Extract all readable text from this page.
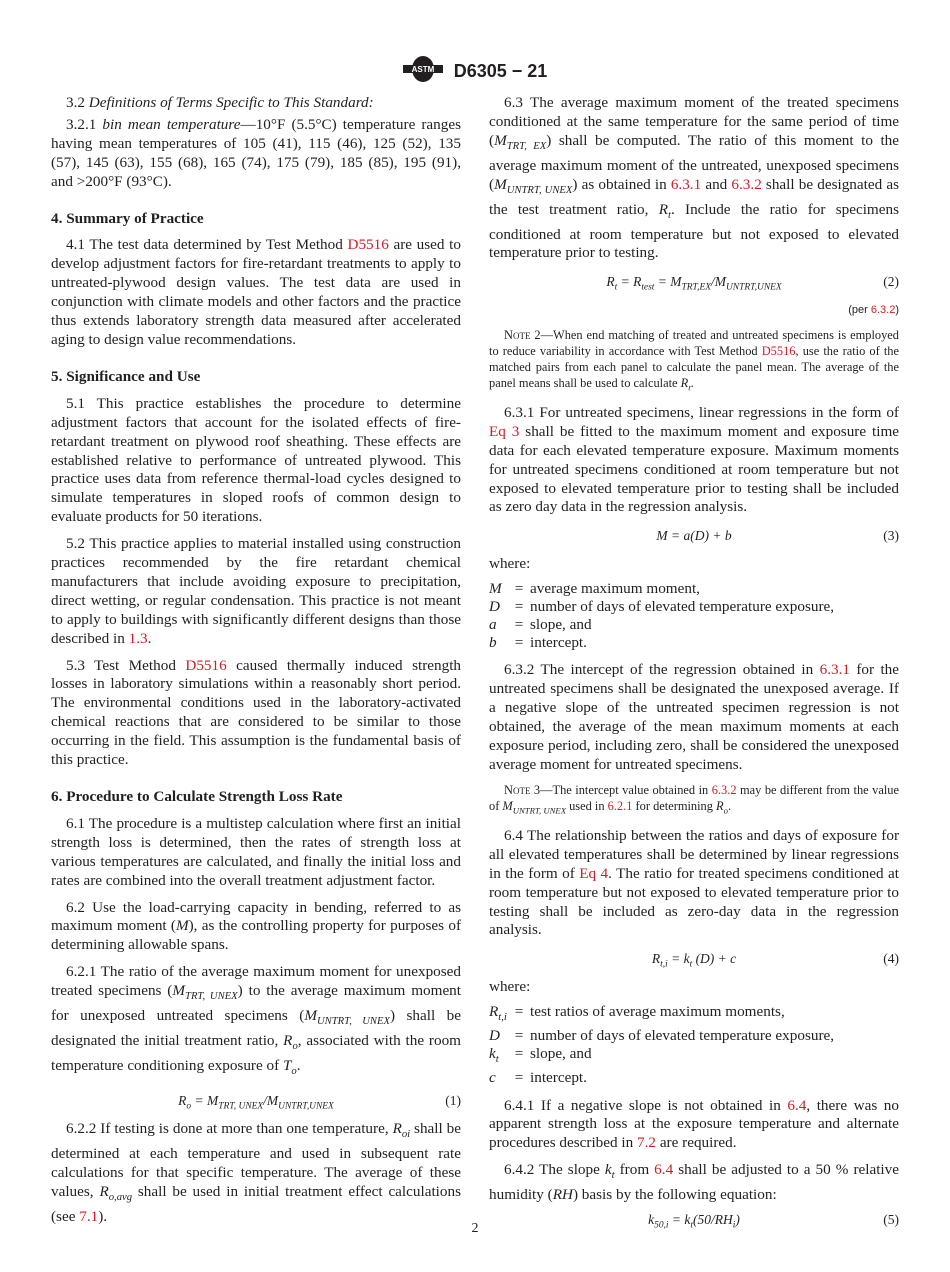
ASTM D6305 − 21

3.2 Definitions of Terms Specific to This Standard:

3.2.1 bin mean temperature—10°F (5.5°C) temperature ranges having mean temperatures of 105 (41), 115 (46), 125 (52), 135 (57), 145 (63), 155 (68), 165 (74), 175 (79), 185 (85), 195 (91), and >200°F (93°C).

4. Summary of Practice

4.1 The test data determined by Test Method D5516 are used to develop adjustment factors for fire-retardant treatments to apply to untreated-plywood design values. The test data are used in conjunction with climate models and other factors and the practice thus extends laboratory strength data measured after accelerated aging to design value recommendations.

5. Significance and Use

5.1 This practice establishes the procedure to determine adjustment factors that account for the isolated effects of fire-retardant treatment on plywood roof sheathing. These effects are established relative to performance of untreated plywood. This practice uses data from reference thermal-load cycles designed to simulate temperatures in sloped roofs of common design to evaluate products for 50 iterations.

5.2 This practice applies to material installed using construction practices recommended by the fire retardant chemical manufacturers that include avoiding exposure to precipitation, direct wetting, or regular condensation. This practice is not meant to apply to buildings with significantly different designs than those described in 1.3.

5.3 Test Method D5516 caused thermally induced strength losses in laboratory simulations within a reasonably short period. The environmental conditions used in the laboratory-activated chemical reactions that are considered to be similar to those occurring in the field. This assumption is the fundamental basis of this practice.

6. Procedure to Calculate Strength Loss Rate

6.1 The procedure is a multistep calculation where first an initial strength loss is determined, then the rates of strength loss at various temperatures are calculated, and finally the initial loss and rates are combined into the overall treatment adjustment factor.

6.2 Use the load-carrying capacity in bending, referred to as maximum moment (M), as the controlling property for purposes of determining allowable spans.

6.2.1 The ratio of the average maximum moment for unexposed treated specimens $(M_{TRT, UNEX})$ to the average maximum moment for unexposed untreated specimens $(M_{UNTRT, UNEX})$ shall be designated the initial treatment ratio, $R_o$, associated with the room temperature conditioning exposure of $T_o$.

$R_o = M_{TRT, UNEX}/M_{UNTRT,UNEX}$	(1)

6.2.2 If testing is done at more than one temperature, $R_{oi}$ shall be determined at each temperature and used in subsequent rate calculations for that specific temperature. The average of these values, $R_{o,avg}$ shall be used in initial treatment effect calculations (see 7.1).

6.3 The average maximum moment of the treated specimens conditioned at the same temperature for the same period of time $(M_{TRT, EX})$ shall be computed. The ratio of this moment to the average maximum moment of the untreated, unexposed specimens $(M_{UNTRT, UNEX})$ as obtained in 6.3.1 and 6.3.2 shall be designated as the test treatment ratio, $R_t$. Include the ratio for specimens conditioned at room temperature but not exposed to elevated temperature prior to testing.

$R_t = R_{test} = M_{TRT,EX}/M_{UNTRT,UNEX}$	(2)
(per 6.3.2)
Note 2—When end matching of treated and untreated specimens is employed to reduce variability in accordance with Test Method D5516, use the ratio of the matched pairs from each panel to calculate the panel mean. The average of the panel means shall be used to calculate $R_t$.

6.3.1 For untreated specimens, linear regressions in the form of Eq 3 shall be fitted to the maximum moment and exposure time data for each elevated temperature exposure. Maximum moments for untreated specimens conditioned at room temperature but not exposed to elevated temperature prior to testing shall be included as zero day data in the regression analysis.

M = a(D) + b	(3)
where:
M = average maximum moment,
D = number of days of elevated temperature exposure,
a	= slope, and
b	= intercept.

6.3.2 The intercept of the regression obtained in 6.3.1 for the untreated specimens shall be designated the unexposed average. If a negative slope of the untreated specimen regression is not obtained, the average of the mean maximum moments at each exposure period, including zero, shall be considered the unexposed average moment for untreated specimens.

Note 3—The intercept value obtained in 6.3.2 may be different from the value of $M_{UNTRT, UNEX}$ used in 6.2.1 for determining $R_o$.

6.4 The relationship between the ratios and days of exposure for all elevated temperatures shall be determined by linear regressions in the form of Eq 4. The ratio for treated specimens conditioned at room temperature but not exposed to elevated temperature prior to testing shall be included as zero-day data in the regression analysis.

$R_{t,i} = k_t$ (D) + c	(4)
where:
$R_{t,i}$ = test ratios of average maximum moments,
D = number of days of elevated temperature exposure,
$k_t$	= slope, and
c	= intercept.

6.4.1 If a negative slope is not obtained in 6.4, there was no apparent strength loss at the exposure temperature and alternate procedures described in 7.2 are required.

6.4.2 The slope $k_t$ from 6.4 shall be adjusted to a 50 % relative humidity (RH) basis by the following equation:

$k_{50,i} = k_t(50/RH_i)$	(5)
2
